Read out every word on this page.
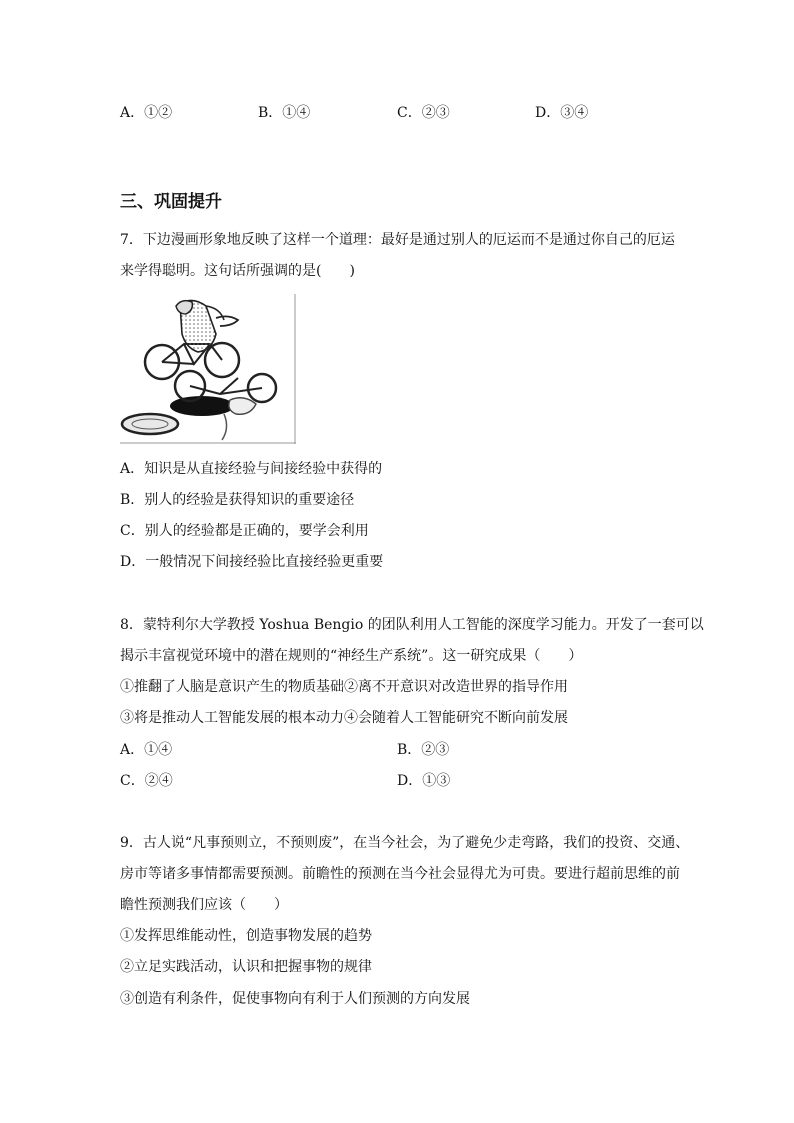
A．①②	B．①④	C．②③	D．③④
三、巩固提升
7．下边漫画形象地反映了这样一个道理：最好是通过别人的厄运而不是通过你自己的厄运
来学得聪明。这句话所强调的是(　　)
A．知识是从直接经验与间接经验中获得的
B．别人的经验是获得知识的重要途径
C．别人的经验都是正确的，要学会利用
D．一般情况下间接经验比直接经验更重要
8．蒙特利尔大学教授 Yoshua Bengio 的团队利用人工智能的深度学习能力。开发了一套可以
揭示丰富视觉环境中的潜在规则的“神经生产系统”。这一研究成果（　　）
①推翻了人脑是意识产生的物质基础②离不开意识对改造世界的指导作用
③将是推动人工智能发展的根本动力④会随着人工智能研究不断向前发展
A．①④	B．②③
C．②④	D．①③
9．古人说“凡事预则立，不预则废”，在当今社会，为了避免少走弯路，我们的投资、交通、
房市等诸多事情都需要预测。前瞻性的预测在当今社会显得尤为可贵。要进行超前思维的前
瞻性预测我们应该（　　）
①发挥思维能动性，创造事物发展的趋势
②立足实践活动，认识和把握事物的规律
③创造有利条件，促使事物向有利于人们预测的方向发展
